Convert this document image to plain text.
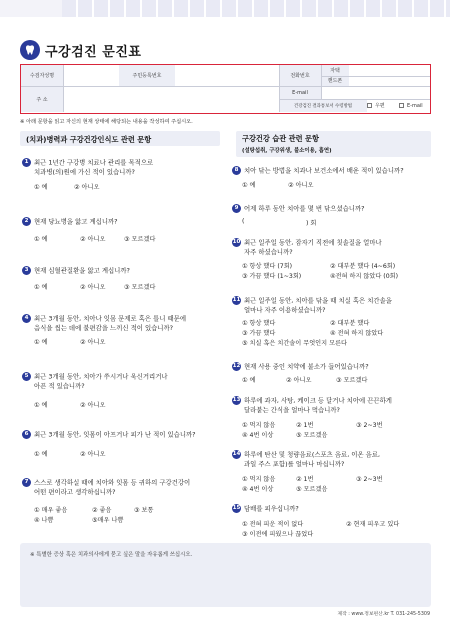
구강검진 문진표
수검자성명	주민등록번호	전화번호
자택
핸드폰
주 소
E-mail
건강검진 결과통보서 수령방법	우편	E-mail
※ 아래 문항을 읽고 자신의 현재 상태에 해당되는 내용을 작성하여 주십시오.
(치과)병력과 구강건강인식도 관련 문항	구강건강 습관 관련 문항
(설탕섭취, 구강위생, 불소이용, 흡연)
1 최근 1년간 구강병 치료나 관리를 목적으로
치과병(의)원에 가신 적이 있습니까?
① 예	② 아니오
2 현재 당뇨병을 앓고 계십니까?
① 예	② 아니오	③ 모르겠다
3 현재 심혈관질환을 앓고 계십니까?
① 예	② 아니오	③ 모르겠다
4 최근 3개월 동안, 치아나 잇몸 문제로 혹은 틀니 때문에
음식을 씹는 데에 불편감을 느끼신 적이 있습니까?
① 예	② 아니오
5 최근 3개월 동안, 치아가 쑤시거나 욱신거리거나
아픈 적 있습니까?
① 예	② 아니오
6 최근 3개월 동안, 잇몸이 아프거나 피가 난 적이 있습니까?
① 예	② 아니오
7 스스로 생각하실 때에 치아와 잇몸 등 귀하의 구강건강이
어떤 편이라고 생각하십니까?
① 매우 좋음	② 좋음	③ 보통
④ 나쁨	⑤매우 나쁨
8 치아 닦는 방법을 치과나 보건소에서 배운 적이 있습니까?
① 예	② 아니오
9 어제 하루 동안 치아를 몇 번 닦으셨습니까?
(	) 회
10 최근 일주일 동안, 잠자기 직전에 칫솔질을 얼마나
자주 하셨습니까?
① 항상 했다 (7회)	② 대부분 했다 (4~6회)
③ 가끔 했다 (1~3회)	④전혀 하지 않았다 (0회)
11 최근 일주일 동안, 치아를 닦을 때 치실 혹은 치간솔을
얼마나 자주 이용하셨습니까?
① 항상 했다	② 대부분 했다
③ 가끔 했다	④ 전혀 하지 않았다
⑤ 치실 혹은 치간솔이 무엇인지 모른다
12 현재 사용 중인 치약에 불소가 들어있습니까?
① 예	② 아니오	③ 모르겠다
13 하루에 과자, 사탕, 케이크 등 달거나 치아에 끈끈하게
달라붙는 간식을 얼마나 먹습니까?
① 먹지 않음	② 1번	③ 2~3번
④ 4번 이상	⑤ 모르겠음
14 하루에 탄산 및 청량음료(스포츠 음료, 이온 음료,
과일 주스 포함)를 얼마나 마십니까?
① 먹지 않음	② 1번	③ 2~3번
④ 4번 이상	⑤ 모르겠음
15 담배를 피우십니까?
① 전혀 피운 적이 없다	② 현재 피우고 있다
③ 이전에 피웠으나 끊었다
※ 특별한 증상 혹은 치과의사에게 묻고 싶은 말을 자유롭게 쓰십시오.
제작 : www.정보편산.kr T. 031-245-5309
